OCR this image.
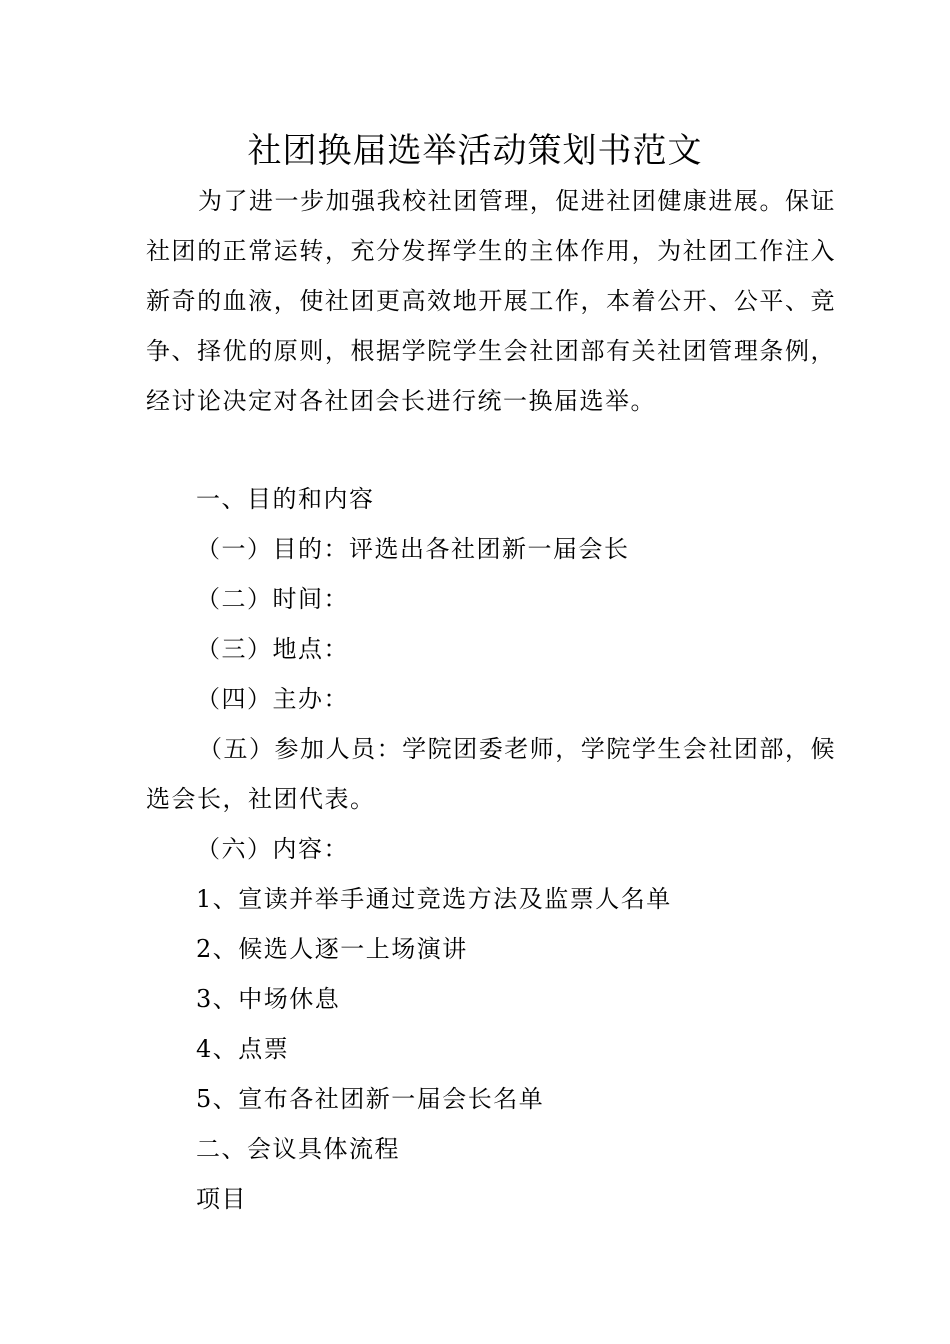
社团换届选举活动策划书范文

为了进一步加强我校社团管理，促进社团健康进展。保证社团的正常运转，充分发挥学生的主体作用，为社团工作注入新奇的血液，使社团更高效地开展工作，本着公开、公平、竞争、择优的原则，根据学院学生会社团部有关社团管理条例，经讨论决定对各社团会长进行统一换届选举。

一、目的和内容

（一）目的：评选出各社团新一届会长

（二）时间：

（三）地点：

（四）主办：

（五）参加人员：学院团委老师，学院学生会社团部，候选会长，社团代表。

（六）内容：

1、宣读并举手通过竞选方法及监票人名单

2、候选人逐一上场演讲

3、中场休息

4、点票

5、宣布各社团新一届会长名单

二、会议具体流程

项目
